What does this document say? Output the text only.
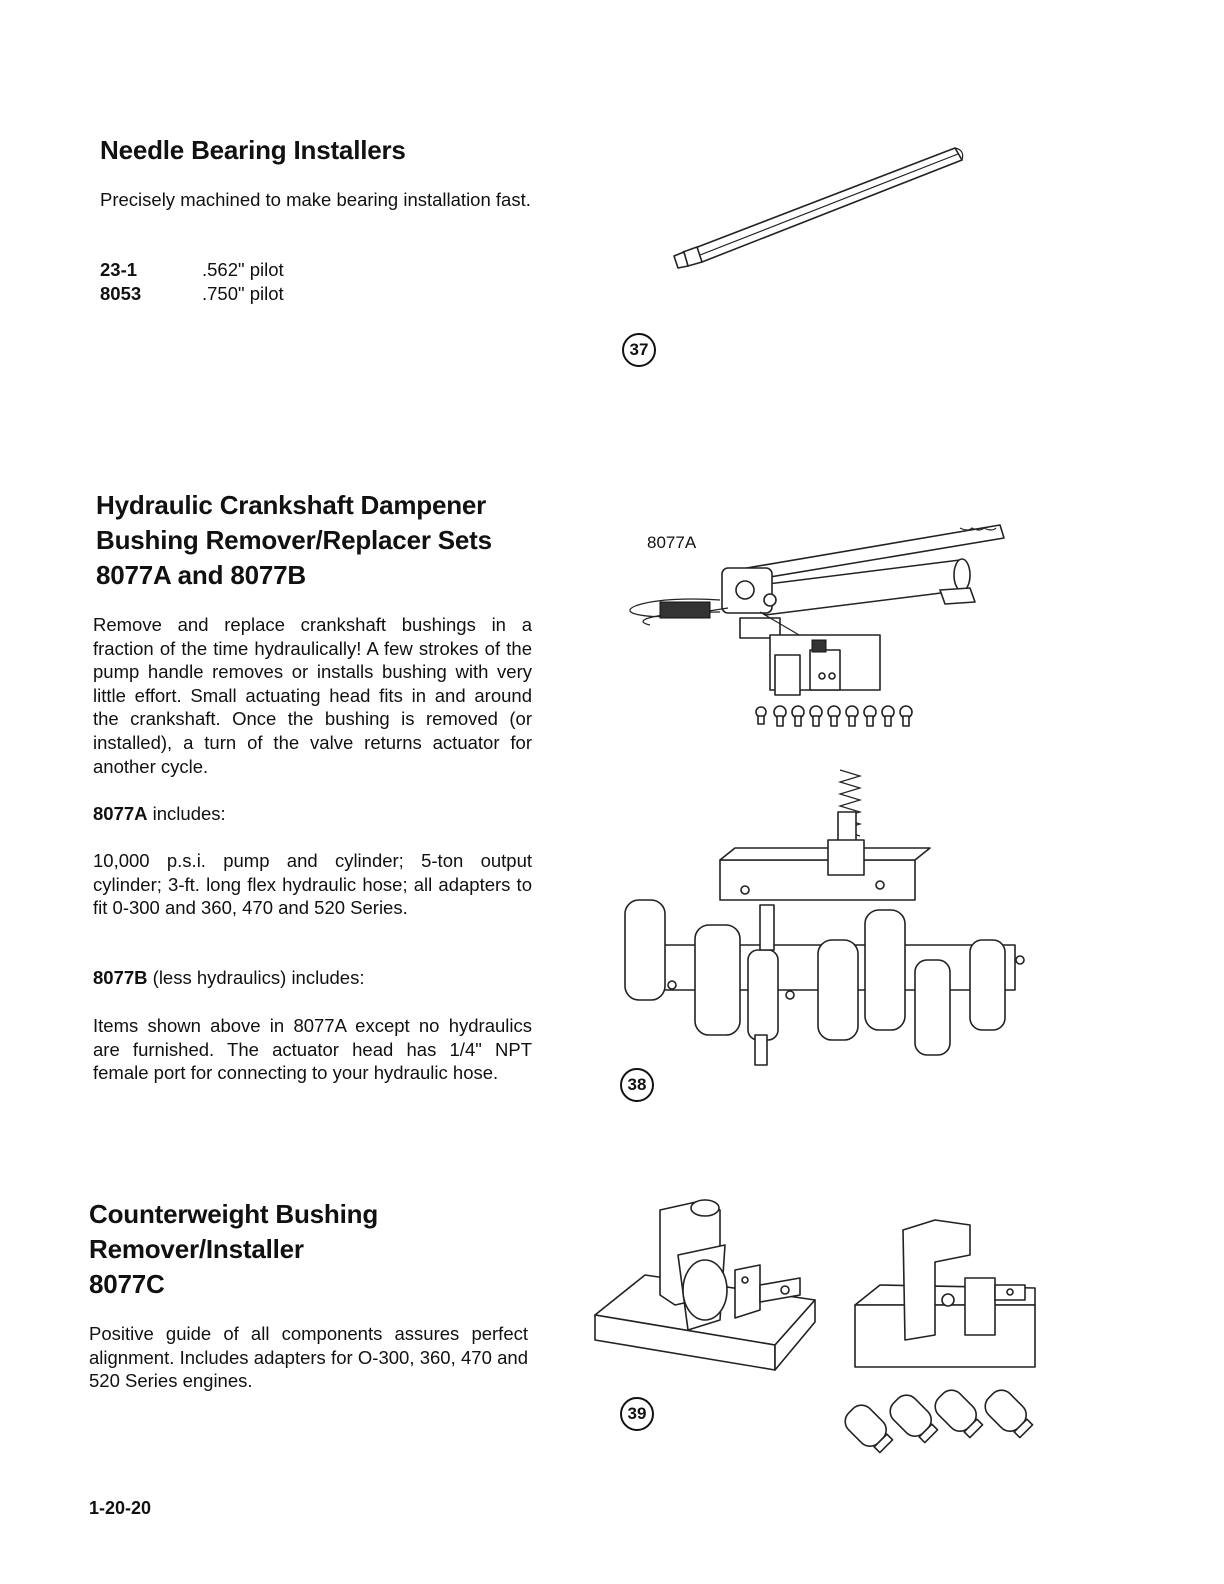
Needle Bearing Installers
Precisely machined to make bearing installation fast.
23-1	.562" pilot
8053	.750" pilot
37
Hydraulic Crankshaft Dampener
Bushing Remover/Replacer Sets
8077A and 8077B
Remove and replace crankshaft bushings in a fraction of the time hydraulically! A few strokes of the pump handle removes or installs bushing with very little effort. Small actuating head fits in and around the crankshaft. Once the bushing is removed (or installed), a turn of the valve returns actuator for another cycle.
8077A includes:
10,000 p.s.i. pump and cylinder; 5-ton output cylinder; 3-ft. long flex hydraulic hose; all adapters to fit 0-300 and 360, 470 and 520 Series.
8077B (less hydraulics) includes:
Items shown above in 8077A except no hydraulics are furnished. The actuator head has 1/4" NPT female port for connecting to your hydraulic hose.
8077A
38
Counterweight Bushing
Remover/Installer
8077C
Positive guide of all components assures perfect alignment. Includes adapters for O-300, 360, 470 and 520 Series engines.
39
1-20-20
